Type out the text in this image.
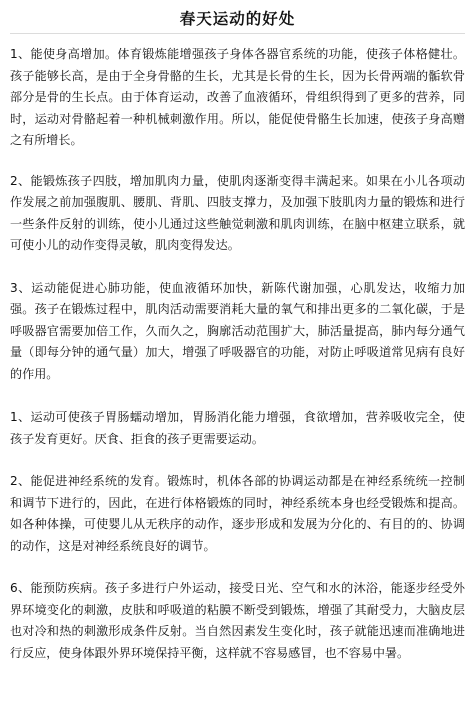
春天运动的好处

1、能使身高增加。体育锻炼能增强孩子身体各器官系统的功能，使孩子体格健壮。孩子能够长高，是由于全身骨骼的生长，尤其是长骨的生长，因为长骨两端的骺软骨部分是骨的生长点。由于体育运动，改善了血液循环，骨组织得到了更多的营养，同时，运动对骨骼起着一种机械刺激作用。所以，能促使骨骼生长加速，使孩子身高赠之有所增长。

2、能锻炼孩子四肢，增加肌肉力量，使肌肉逐渐变得丰满起来。如果在小儿各项动作发展之前加强腹肌、腰肌、背肌、四肢支撑力，及加强下肢肌肉力量的锻炼和进行一些条件反射的训练，使小儿通过这些触觉刺激和肌肉训练，在脑中枢建立联系，就可使小儿的动作变得灵敏，肌肉变得发达。

3、运动能促进心肺功能，使血液循环加快，新陈代谢加强，心肌发达，收缩力加强。孩子在锻炼过程中，肌肉活动需要消耗大量的氧气和排出更多的二氧化碳，于是呼吸器官需要加倍工作，久而久之，胸廓活动范围扩大，肺活量提高，肺内每分通气量（即每分钟的通气量）加大，增强了呼吸器官的功能，对防止呼吸道常见病有良好的作用。

1、运动可使孩子胃肠蠕动增加，胃肠消化能力增强，食欲增加，营养吸收完全，使孩子发育更好。厌食、拒食的孩子更需要运动。

2、能促进神经系统的发育。锻炼时，机体各部的协调运动都是在神经系统统一控制和调节下进行的，因此，在进行体格锻炼的同时，神经系统本身也经受锻炼和提高。如各种体操，可使婴儿从无秩序的动作，逐步形成和发展为分化的、有目的的、协调的动作，这是对神经系统良好的调节。

6、能预防疾病。孩子多进行户外运动，接受日光、空气和水的沐浴，能逐步经受外界环境变化的刺激，皮肤和呼吸道的粘膜不断受到锻炼，增强了其耐受力，大脑皮层也对冷和热的刺激形成条件反射。当自然因素发生变化时，孩子就能迅速而准确地进行反应，使身体跟外界环境保持平衡，这样就不容易感冒，也不容易中暑。
